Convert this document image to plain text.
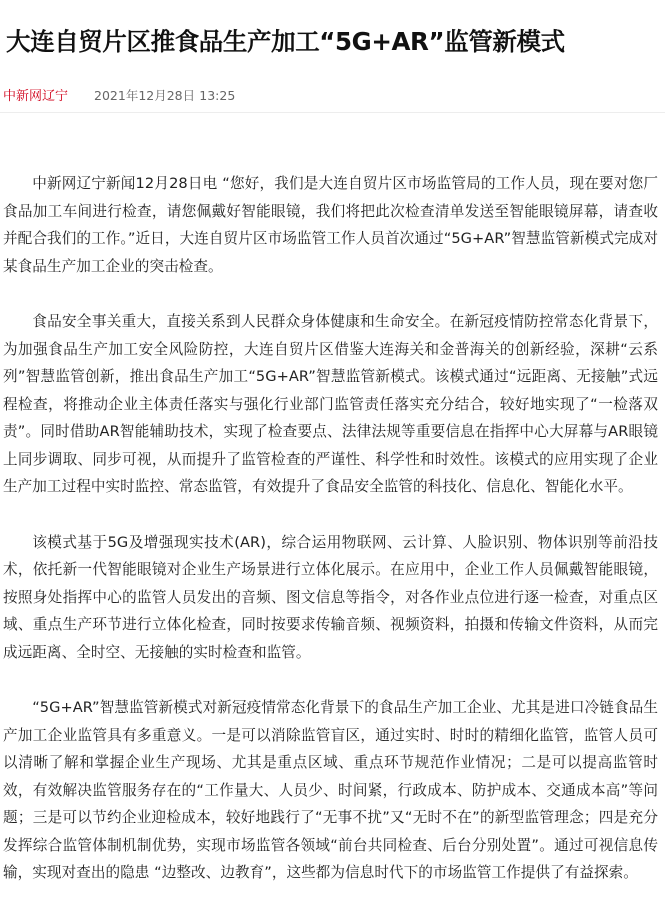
大连自贸片区推食品生产加工“5G+AR”监管新模式
中新网辽宁 2021年12月28日 13:25

中新网辽宁新闻12月28日电 “您好，我们是大连自贸片区市场监管局的工作人员，现在要对您厂食品加工车间进行检查，请您佩戴好智能眼镜，我们将把此次检查清单发送至智能眼镜屏幕，请查收并配合我们的工作。”近日，大连自贸片区市场监管工作人员首次通过“5G+AR”智慧监管新模式完成对某食品生产加工企业的突击检查。

食品安全事关重大，直接关系到人民群众身体健康和生命安全。在新冠疫情防控常态化背景下，为加强食品生产加工安全风险防控，大连自贸片区借鉴大连海关和金普海关的创新经验，深耕“云系列”智慧监管创新，推出食品生产加工“5G+AR”智慧监管新模式。该模式通过“远距离、无接触”式远程检查，将推动企业主体责任落实与强化行业部门监管责任落实充分结合，较好地实现了“一检落双责”。同时借助AR智能辅助技术，实现了检查要点、法律法规等重要信息在指挥中心大屏幕与AR眼镜上同步调取、同步可视，从而提升了监管检查的严谨性、科学性和时效性。该模式的应用实现了企业生产加工过程中实时监控、常态监管，有效提升了食品安全监管的科技化、信息化、智能化水平。

该模式基于5G及增强现实技术(AR)，综合运用物联网、云计算、人脸识别、物体识别等前沿技术，依托新一代智能眼镜对企业生产场景进行立体化展示。在应用中，企业工作人员佩戴智能眼镜，按照身处指挥中心的监管人员发出的音频、图文信息等指令，对各作业点位进行逐一检查，对重点区域、重点生产环节进行立体化检查，同时按要求传输音频、视频资料，拍摄和传输文件资料，从而完成远距离、全时空、无接触的实时检查和监管。

“5G+AR”智慧监管新模式对新冠疫情常态化背景下的食品生产加工企业、尤其是进口冷链食品生产加工企业监管具有多重意义。一是可以消除监管盲区，通过实时、时时的精细化监管，监管人员可以清晰了解和掌握企业生产现场、尤其是重点区域、重点环节规范作业情况；二是可以提高监管时效，有效解决监管服务存在的“工作量大、人员少、时间紧，行政成本、防护成本、交通成本高”等问题；三是可以节约企业迎检成本，较好地践行了“无事不扰”又“无时不在”的新型监管理念；四是充分发挥综合监管体制机制优势，实现市场监管各领域“前台共同检查、后台分别处置”。通过可视信息传输，实现对查出的隐患 “边整改、边教育”，这些都为信息时代下的市场监管工作提供了有益探索。
